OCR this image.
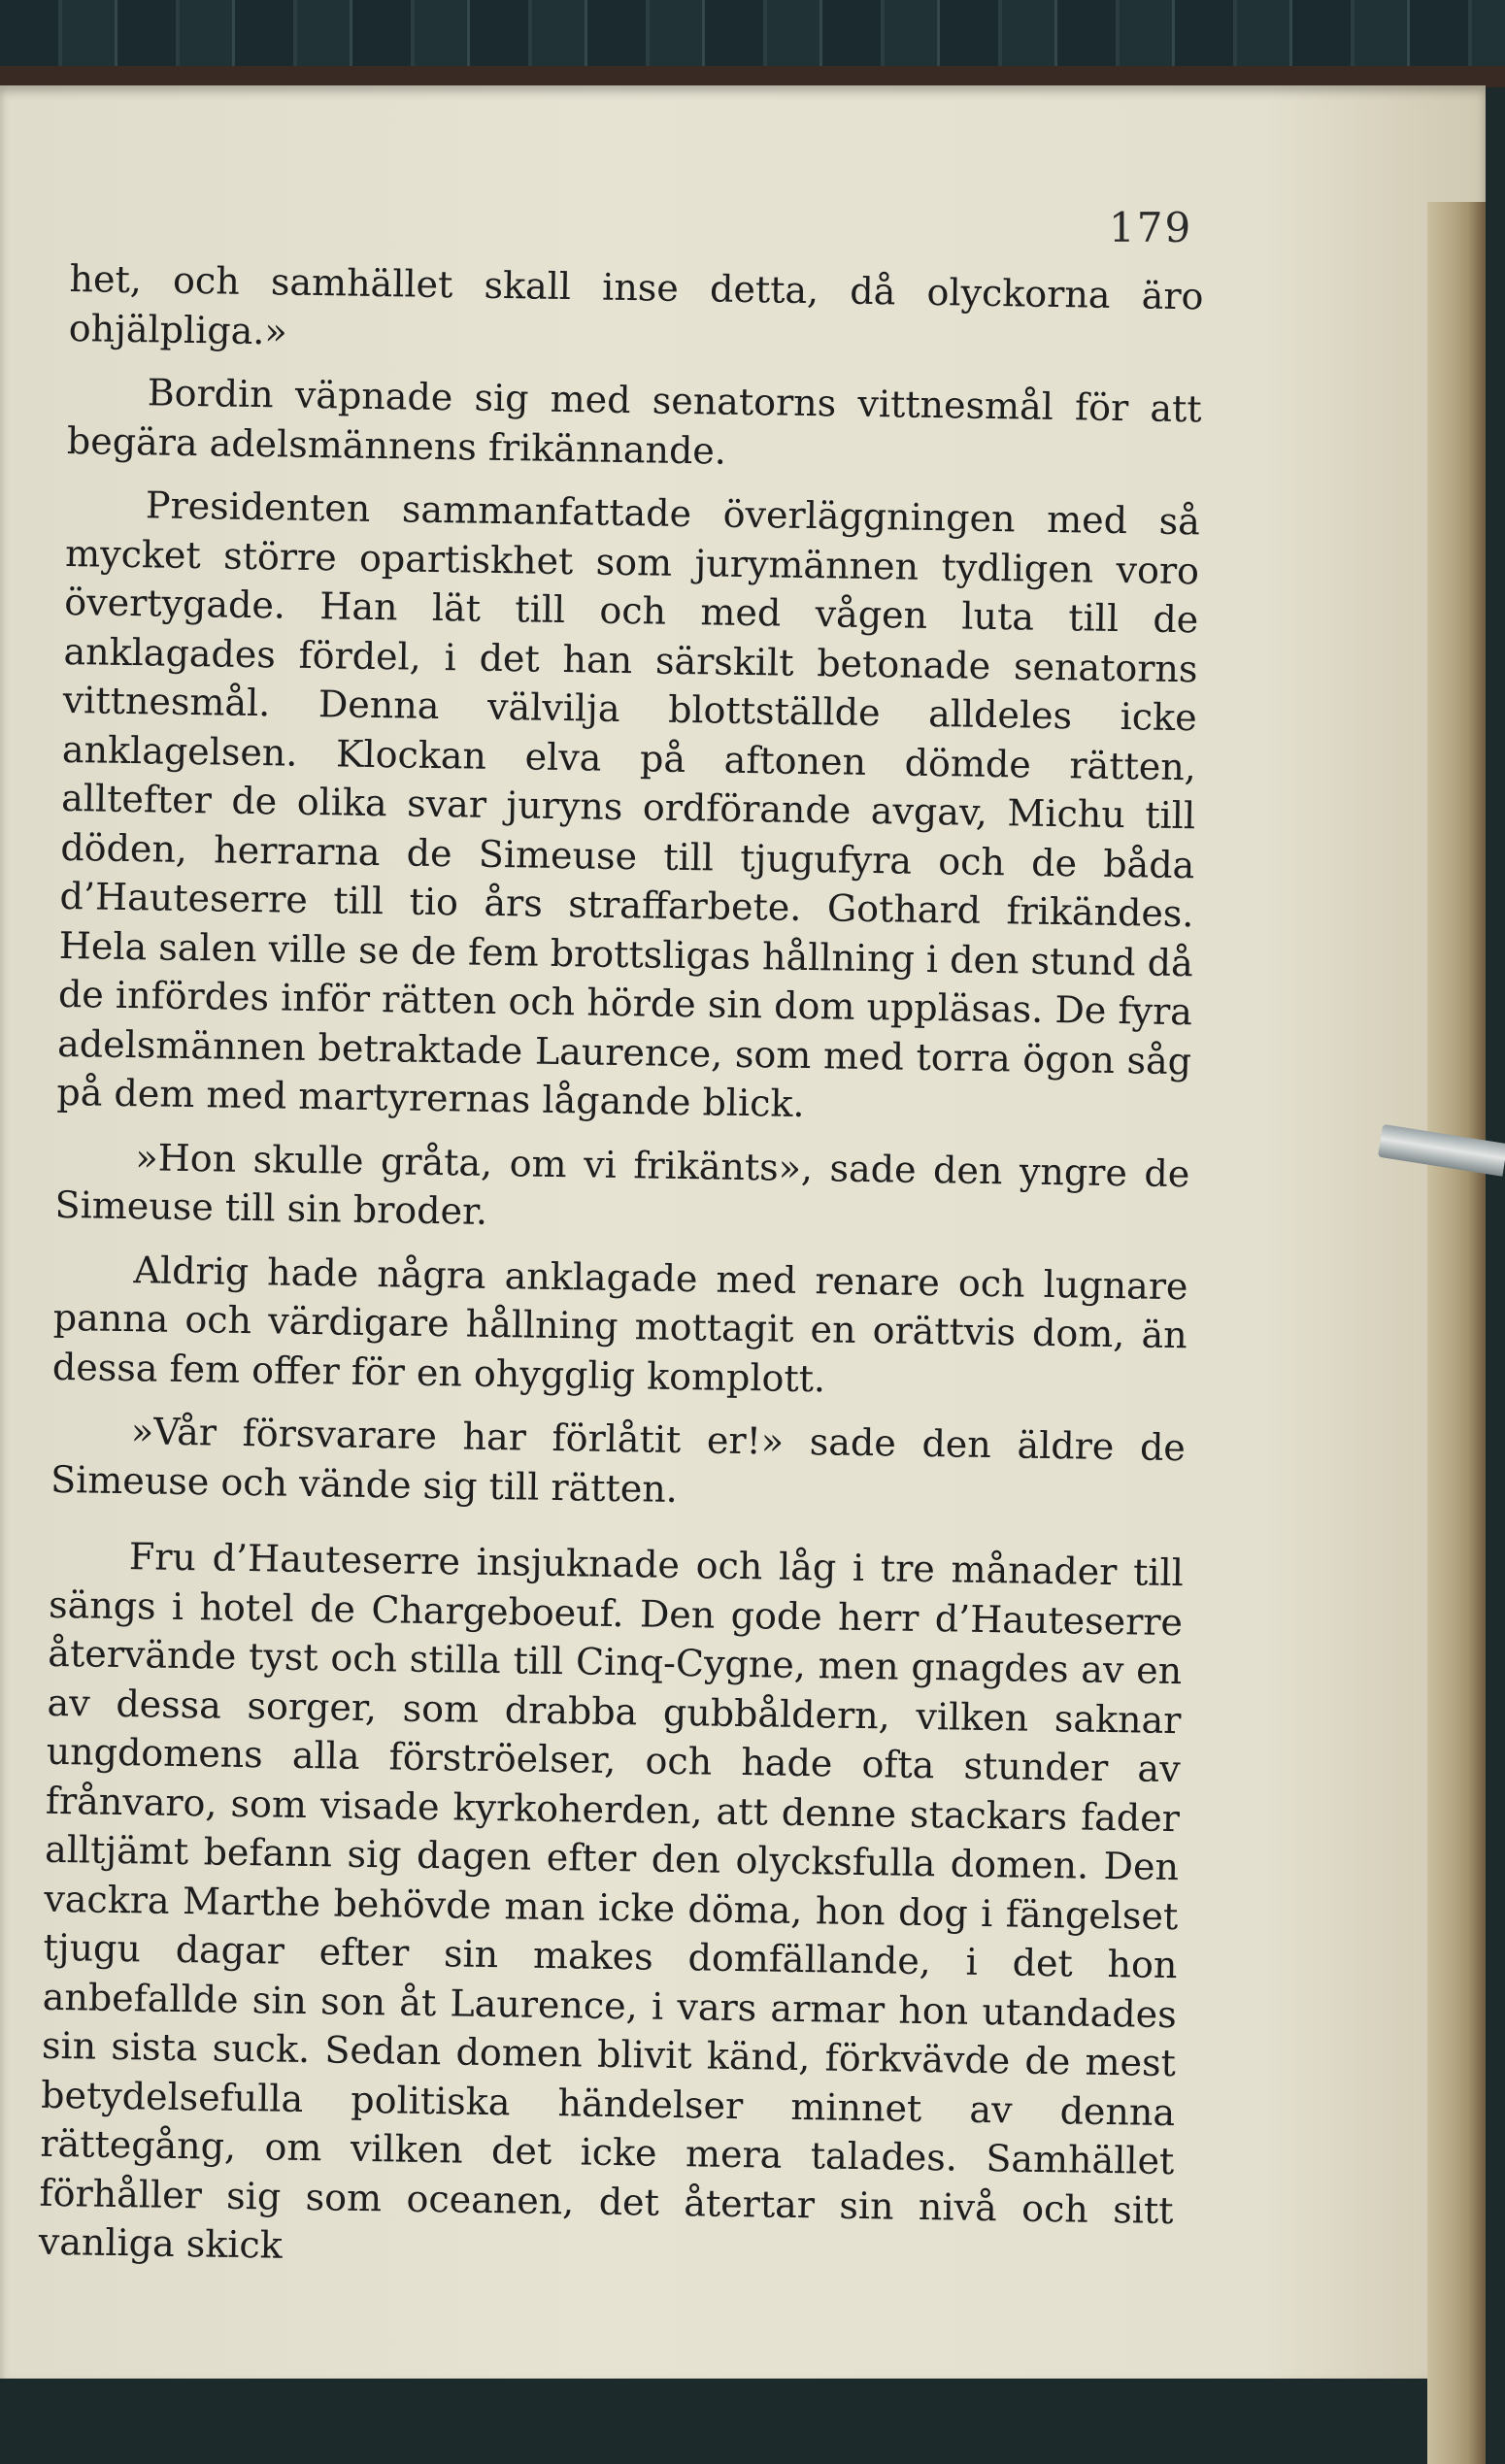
179

het, och samhället skall inse detta, då olyckorna äro ohjälpliga.»

Bordin väpnade sig med senatorns vittnesmål för att begära adelsmännens frikännande.

Presidenten sammanfattade överläggningen med så mycket större opartiskhet som jurymännen tydligen voro övertygade. Han lät till och med vågen luta till de anklagades fördel, i det han särskilt betonade senatorns vittnesmål. Denna välvilja blottställde alldeles icke anklagelsen. Klockan elva på aftonen dömde rätten, alltefter de olika svar juryns ordförande avgav, Michu till döden, herrarna de Simeuse till tjugufyra och de båda d’Hauteserre till tio års straffarbete. Gothard frikändes. Hela salen ville se de fem brottsligas hållning i den stund då de infördes inför rätten och hörde sin dom uppläsas. De fyra adelsmännen betraktade Laurence, som med torra ögon såg på dem med martyrernas lågande blick.

»Hon skulle gråta, om vi frikänts», sade den yngre de Simeuse till sin broder.

Aldrig hade några anklagade med renare och lugnare panna och värdigare hållning mottagit en orättvis dom, än dessa fem offer för en ohygglig komplott.

»Vår försvarare har förlåtit er!» sade den äldre de Simeuse och vände sig till rätten.

Fru d’Hauteserre insjuknade och låg i tre månader till sängs i hotel de Chargeboeuf. Den gode herr d’Hauteserre återvände tyst och stilla till Cinq-Cygne, men gnagdes av en av dessa sorger, som drabba gubbåldern, vilken saknar ungdomens alla förströelser, och hade ofta stunder av frånvaro, som visade kyrkoherden, att denne stackars fader alltjämt befann sig dagen efter den olycksfulla domen. Den vackra Marthe behövde man icke döma, hon dog i fängelset tjugu dagar efter sin makes domfällande, i det hon anbefallde sin son åt Laurence, i vars armar hon utandades sin sista suck. Sedan domen blivit känd, förkvävde de mest betydelsefulla politiska händelser minnet av denna rättegång, om vilken det icke mera talades. Samhället förhåller sig som oceanen, det återtar sin nivå och sitt vanliga skick
